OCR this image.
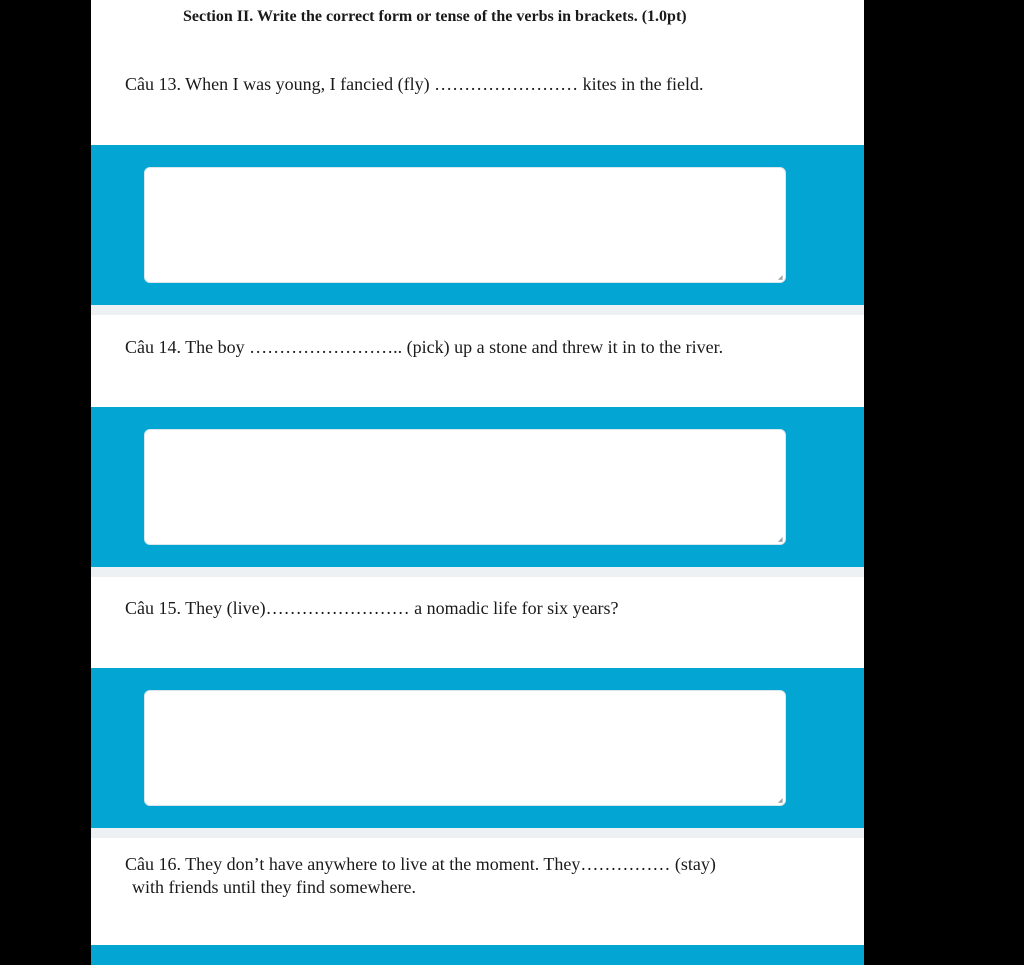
Section II. Write the correct form or tense of the verbs in brackets. (1.0pt)
Câu 13. When I was young, I fancied (fly) …………………… kites in the field.
◢
Câu 14. The boy …………………….. (pick) up a stone and threw it in to the river.
◢
Câu 15. They (live)…………………… a nomadic life for six years?
◢
Câu 16. They don’t have anywhere to live at the moment. They…………… (stay)
with friends until they find somewhere.
